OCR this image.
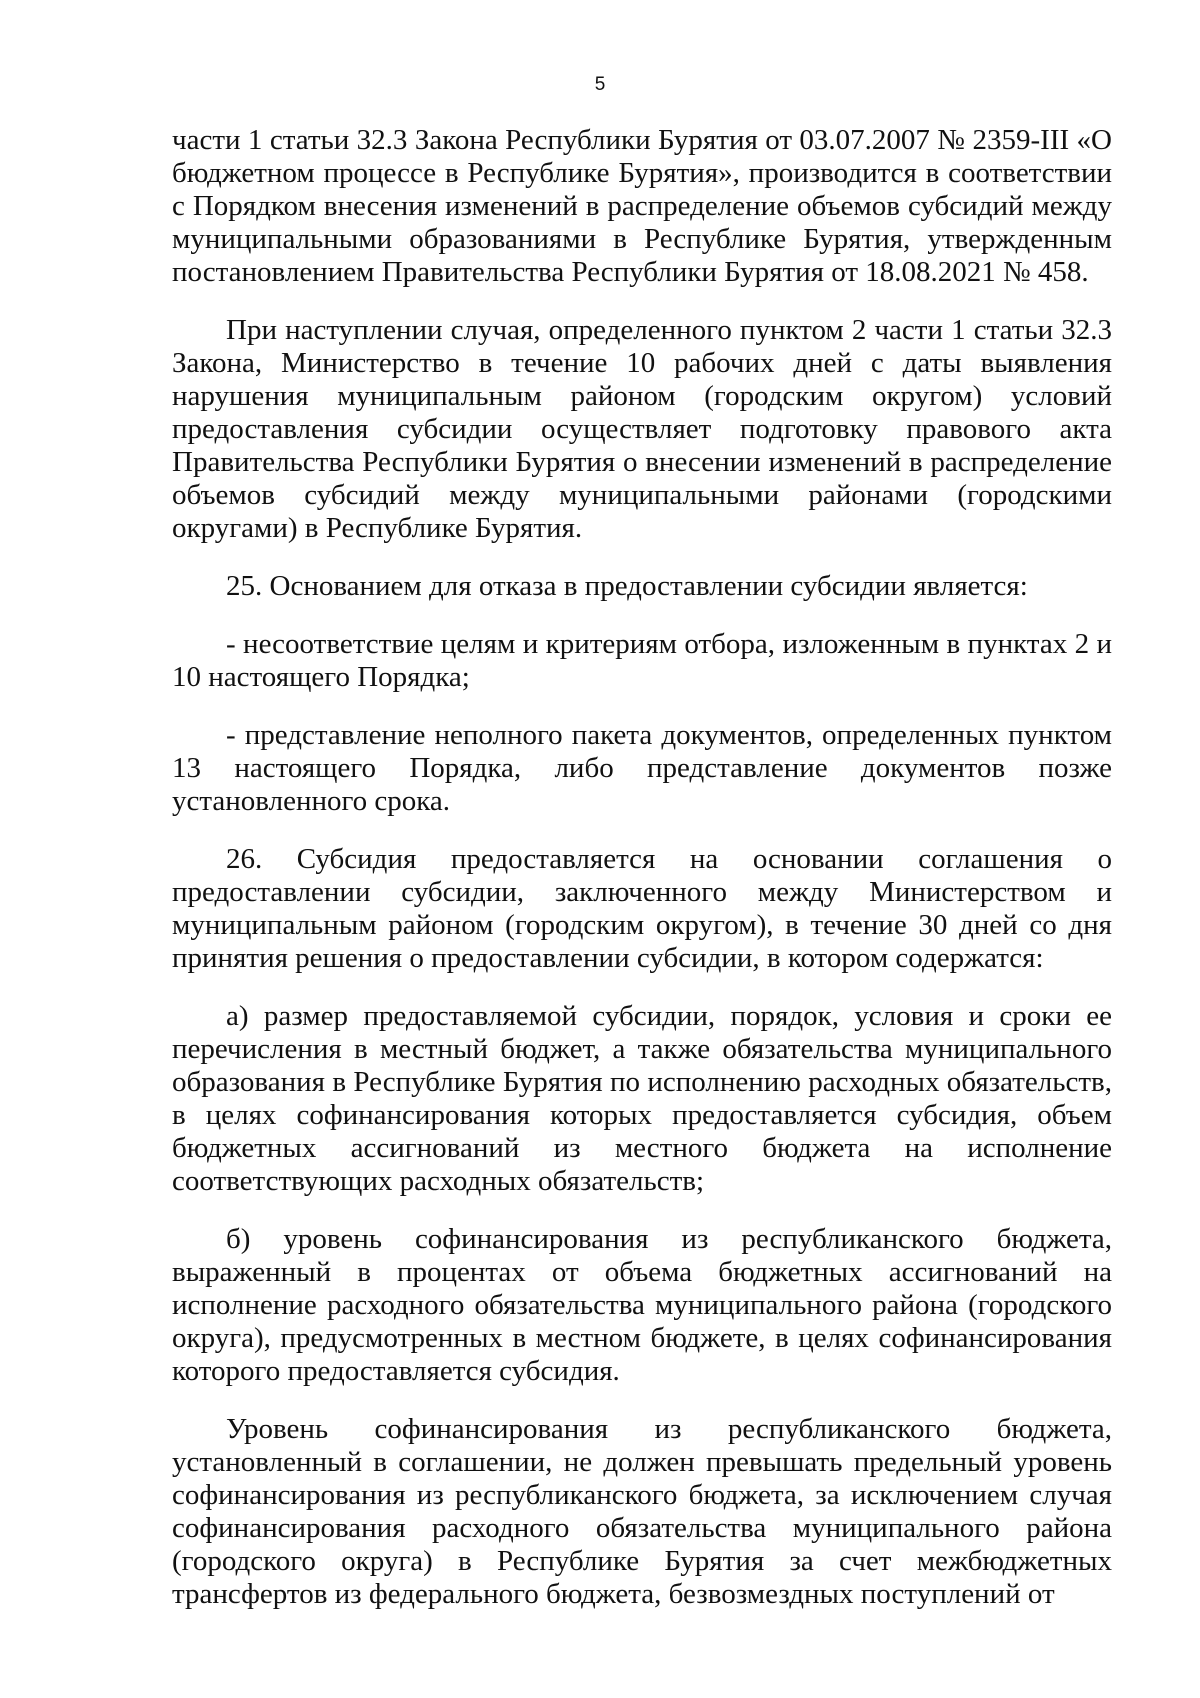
5

части 1 статьи 32.3 Закона Республики Бурятия от 03.07.2007 № 2359-III «О бюджетном процессе в Республике Бурятия», производится в соответствии с Порядком внесения изменений в распределение объемов субсидий между муниципальными образованиями в Республике Бурятия, утвержденным постановлением Правительства Республики Бурятия от 18.08.2021 № 458.

При наступлении случая, определенного пунктом 2 части 1 статьи 32.3 Закона, Министерство в течение 10 рабочих дней с даты выявления нарушения муниципальным районом (городским округом) условий предоставления субсидии осуществляет подготовку правового акта Правительства Республики Бурятия о внесении изменений в распределение объемов субсидий между муниципальными районами (городскими округами) в Республике Бурятия.

25. Основанием для отказа в предоставлении субсидии является:

- несоответствие целям и критериям отбора, изложенным в пунктах 2 и 10 настоящего Порядка;

- представление неполного пакета документов, определенных пунктом 13 настоящего Порядка, либо представление документов позже установленного срока.

26. Субсидия предоставляется на основании соглашения о предоставлении субсидии, заключенного между Министерством и муниципальным районом (городским округом), в течение 30 дней со дня принятия решения о предоставлении субсидии, в котором содержатся:

а) размер предоставляемой субсидии, порядок, условия и сроки ее перечисления в местный бюджет, а также обязательства муниципального образования в Республике Бурятия по исполнению расходных обязательств, в целях софинансирования которых предоставляется субсидия, объем бюджетных ассигнований из местного бюджета на исполнение соответствующих расходных обязательств;

б) уровень софинансирования из республиканского бюджета, выраженный в процентах от объема бюджетных ассигнований на исполнение расходного обязательства муниципального района (городского округа), предусмотренных в местном бюджете, в целях софинансирования которого предоставляется субсидия.

Уровень софинансирования из республиканского бюджета, установленный в соглашении, не должен превышать предельный уровень софинансирования из республиканского бюджета, за исключением случая софинансирования расходного обязательства муниципального района (городского округа) в Республике Бурятия за счет межбюджетных трансфертов из федерального бюджета, безвозмездных поступлений от
